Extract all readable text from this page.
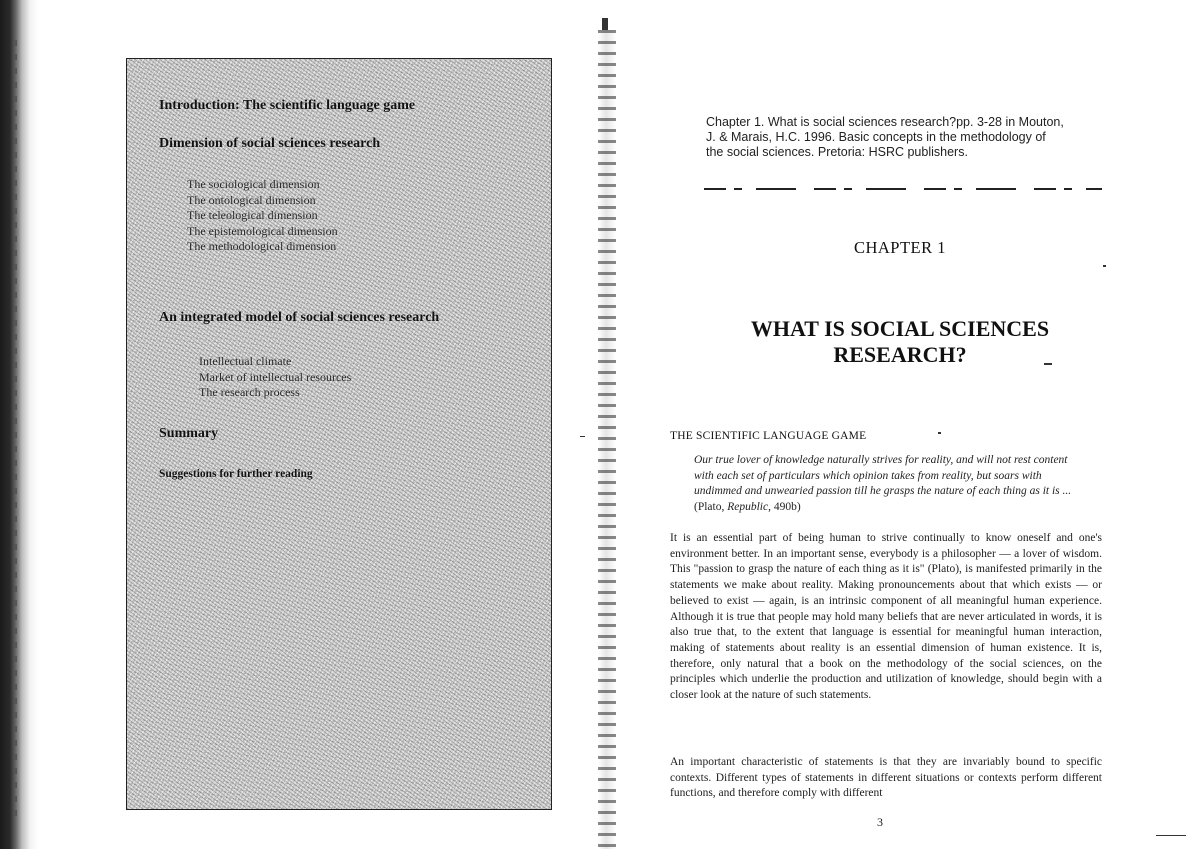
Introduction: The scientific language game
Dimension of social sciences research
The sociological dimension
The ontological dimension
The teleological dimension
The epistemological dimension
The methodological dimension
An integrated model of social sciences research
Intellectual climate
Market of intellectual resources
The research process
Summary
Suggestions for further reading
Chapter 1. What is social sciences research?pp. 3-28 in Mouton, J. & Marais, H.C. 1996. Basic concepts in the methodology of the social sciences. Pretoria: HSRC publishers.
CHAPTER 1
WHAT IS SOCIAL SCIENCES
RESEARCH?
THE SCIENTIFIC LANGUAGE GAME
Our true lover of knowledge naturally strives for reality, and will not rest content with each set of particulars which opinion takes from reality, but soars with undimmed and unwearied passion till he grasps the nature of each thing as it is ... (Plato, Republic, 490b)

It is an essential part of being human to strive continually to know oneself and one's environment better. In an important sense, everybody is a philosopher — a lover of wisdom. This "passion to grasp the nature of each thing as it is" (Plato), is manifested primarily in the statements we make about reality. Making pronouncements about that which exists — or believed to exist — again, is an intrinsic component of all meaningful human experience. Although it is true that people may hold many beliefs that are never articulated in words, it is also true that, to the extent that language is essential for meaningful human interaction, making of statements about reality is an essential dimension of human existence. It is, therefore, only natural that a book on the methodology of the social sciences, on the principles which underlie the production and utilization of knowledge, should begin with a closer look at the nature of such statements.

An important characteristic of statements is that they are invariably bound to specific contexts. Different types of statements in different situations or contexts perform different functions, and therefore comply with different

3
